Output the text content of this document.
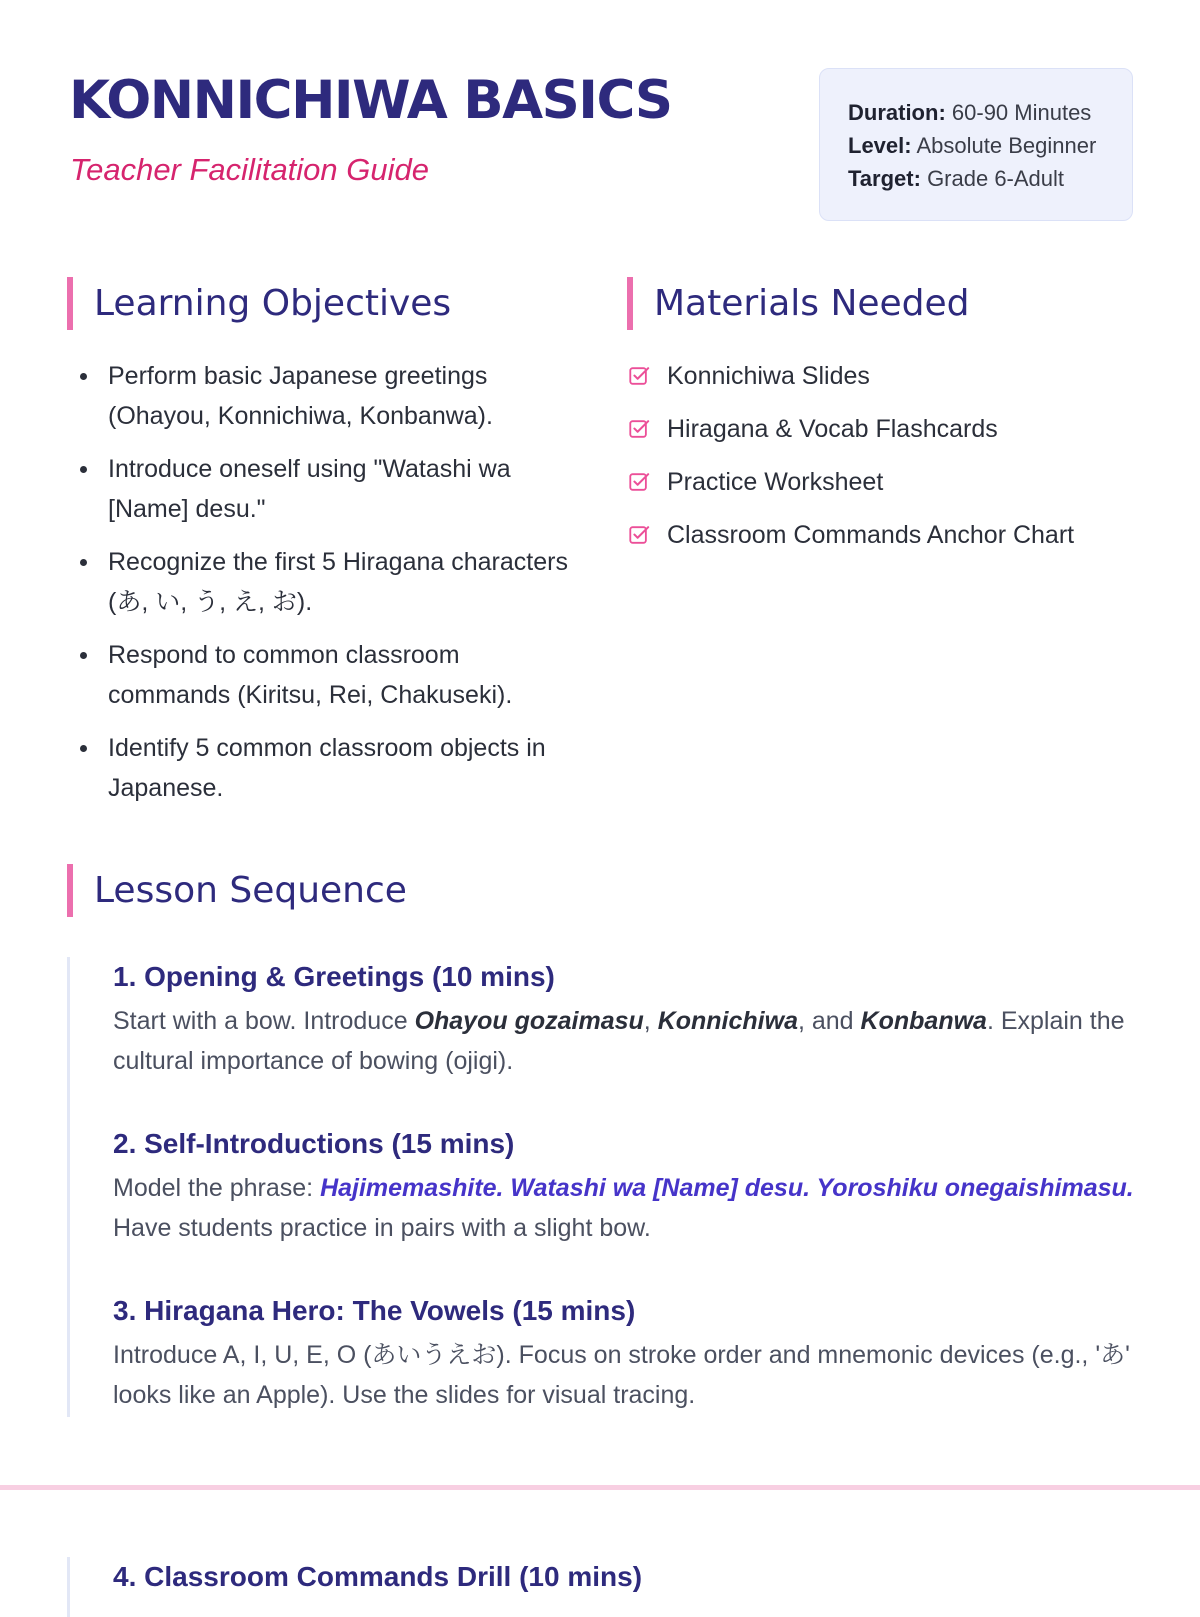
KONNICHIWA BASICS
Teacher Facilitation Guide
Duration: 60-90 Minutes
Level: Absolute Beginner
Target: Grade 6-Adult
Learning Objectives
Perform basic Japanese greetings (Ohayou, Konnichiwa, Konbanwa).
Introduce oneself using "Watashi wa [Name] desu."
Recognize the first 5 Hiragana characters (あ, い, う, え, お).
Respond to common classroom commands (Kiritsu, Rei, Chakuseki).
Identify 5 common classroom objects in Japanese.
Materials Needed
Konnichiwa Slides
Hiragana & Vocab Flashcards
Practice Worksheet
Classroom Commands Anchor Chart
Lesson Sequence
1. Opening & Greetings (10 mins)
Start with a bow. Introduce Ohayou gozaimasu, Konnichiwa, and Konbanwa. Explain the cultural importance of bowing (ojigi).
2. Self-Introductions (15 mins)
Model the phrase: Hajimemashite. Watashi wa [Name] desu. Yoroshiku onegaishimasu. Have students practice in pairs with a slight bow.
3. Hiragana Hero: The Vowels (15 mins)
Introduce A, I, U, E, O (あいうえお). Focus on stroke order and mnemonic devices (e.g., 'あ' looks like an Apple). Use the slides for visual tracing.
4. Classroom Commands Drill (10 mins)
